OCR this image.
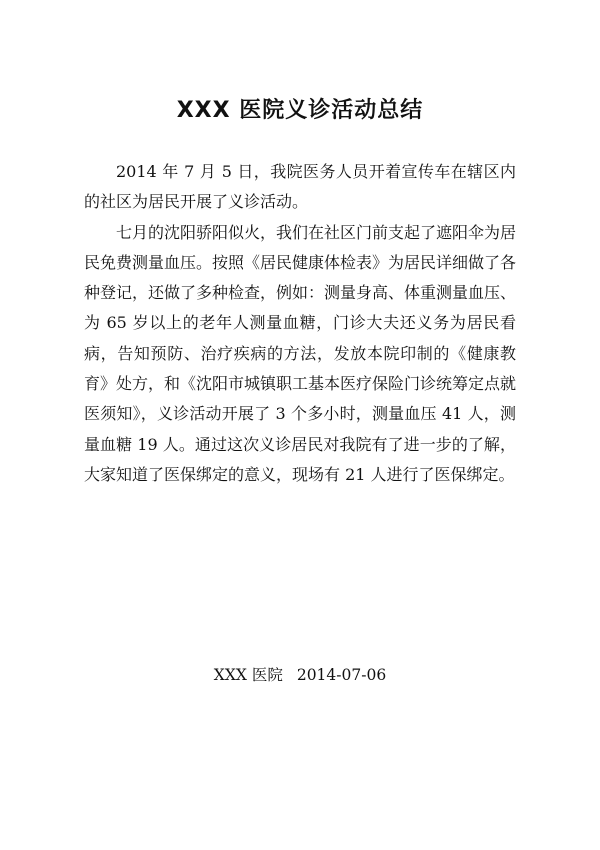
XXX 医院义诊活动总结

2014 年 7 月 5 日，我院医务人员开着宣传车在辖区内的社区为居民开展了义诊活动。

七月的沈阳骄阳似火，我们在社区门前支起了遮阳伞为居民免费测量血压。按照《居民健康体检表》为居民详细做了各种登记，还做了多种检查，例如：测量身高、体重测量血压、为 65 岁以上的老年人测量血糖，门诊大夫还义务为居民看病，告知预防、治疗疾病的方法，发放本院印制的《健康教育》处方，和《沈阳市城镇职工基本医疗保险门诊统筹定点就医须知》，义诊活动开展了 3 个多小时，测量血压 41 人，测量血糖 19 人。通过这次义诊居民对我院有了进一步的了解，大家知道了医保绑定的意义，现场有 21 人进行了医保绑定。

XXX 医院 2014-07-06
